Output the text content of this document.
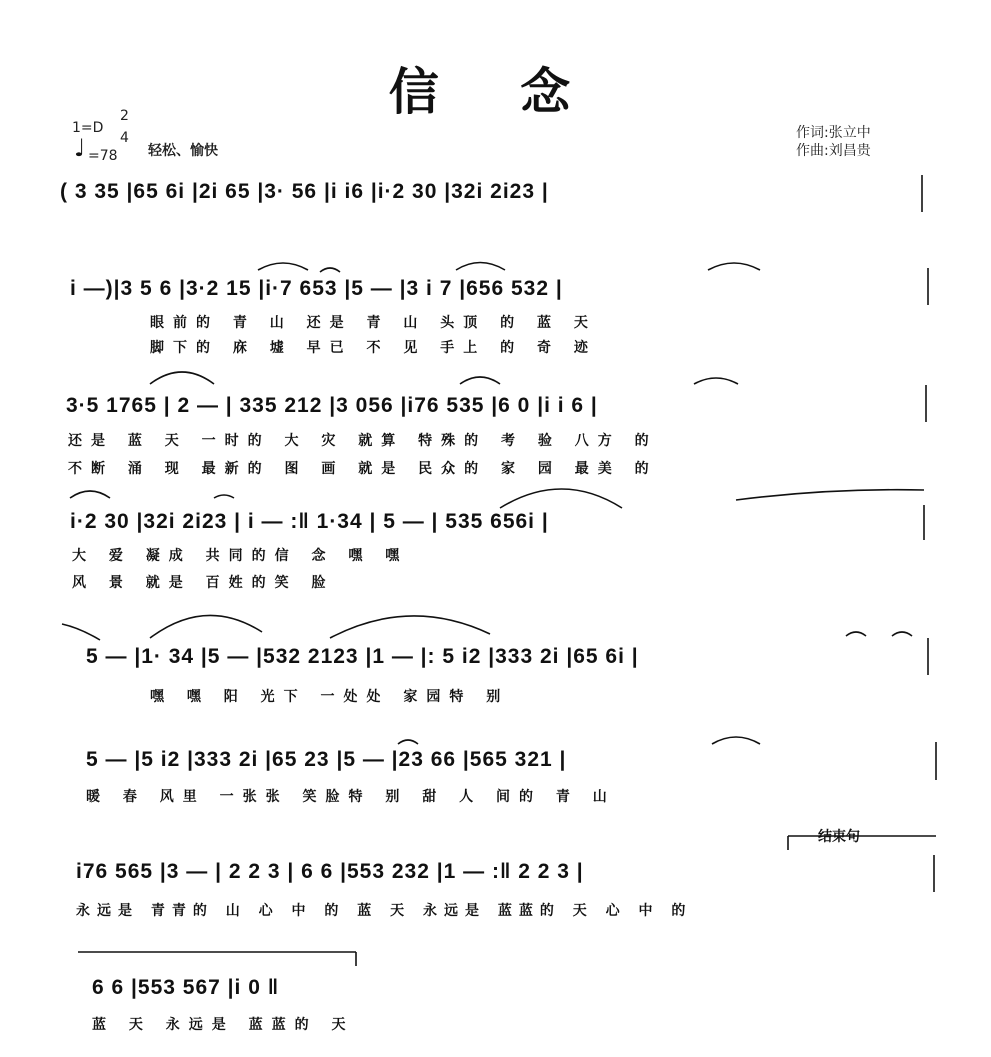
信 念
1=D
2
4
♩ =78 轻松、愉快
作词:张立中
作曲:刘昌贵
( 3 35 |65 6i |2i 65 |3· 56 |i i6 |i·2 30 |32i 2i23 |
i —)|3 5 6 |3·2 15 |i·7 653 |5 — |3 i 7 |656 532 |
眼前的 青 山 还是 青 山 头顶 的 蓝 天
脚下的 庥 墟 早已 不 见 手上 的 奇 迹
3·5 1765 | 2 — | 335 212 |3 056 |i76 535 |6 0 |i i 6 |
还是 蓝 天 一时的 大 灾 就算 特殊的 考 验 八方 的
不断 涌 现 最新的 图 画 就是 民众的 家 园 最美 的
i·2 30 |32i 2i23 | i — :‖ 1·34 | 5 — | 535 656i |
大 爱 凝成 共同的信 念 嘿 嘿
风 景 就是 百姓的笑 脸
5 — |1· 34 |5 — |532 2123 |1 — |: 5 i2 |333 2i |65 6i |
嘿 嘿 阳 光下 一处处 家园特 别
5 — |5 i2 |333 2i |65 23 |5 — |23 66 |565 321 |
暖 春 风里 一张张 笑脸特 别 甜 人 间的 青 山
结束句
i76 565 |3 — | 2 2 3 | 6 6 |553 232 |1 — :‖ 2 2 3 |
永远是 青青的 山 心 中 的 蓝 天 永远是 蓝蓝的 天 心 中 的
6 6 |553 567 |i 0 ‖
蓝 天 永远是 蓝蓝的 天
